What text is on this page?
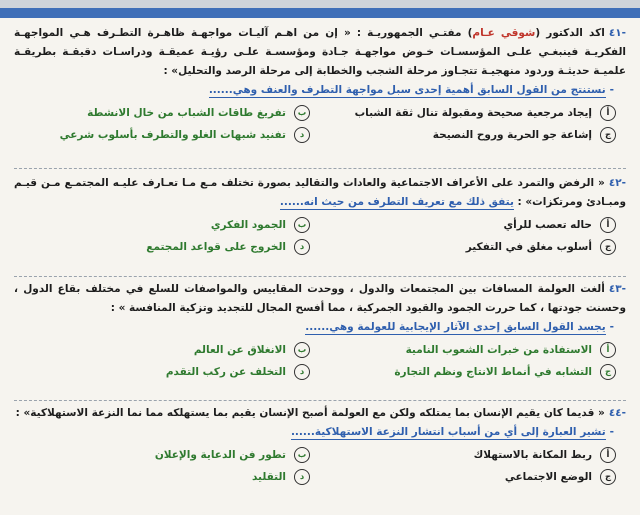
-٤١اكد الدكتور (شوقي عـام) مفتـي الجمهوريـة : « إن من اهـم آليـات مواجهـة ظاهـرة التطـرف هـي المواجهـة الفكريـة فينبغـي علـى المؤسسـات خـوض مواجهـة جـادة ومؤسسـة علـى رؤيـة عميقـة ودراسـات دقيقـة بطريقـة علميـة حديثـة وردود منهجيـة تتجـاوز مرحلة الشجب والخطابة إلى مرحلة الرصد والتحليل» :
-نستنتج من القول السابق أهمية إحدى سبل مواجهة التطرف والعنف وهي......
أ
إيجاد مرجعية صحيحة ومقبولة تنال ثقة الشباب
ب
تفريغ طاقات الشباب من خال الانشطة
ج
إشاعة جو الحرية وروح النصيحة
د
تفنيد شبهات الغلو والتطرف بأسلوب شرعي
-٤٢« الرفض والتمرد على الأعراف الاجتماعية والعادات والتقاليد بصورة تختلف مـع مـا تعـارف عليـه المجتمـع مـن قيـم ومبـادئ ومرتكزات» : يتفق ذلك مع تعريف التطرف من حيث انه......
أ
حاله تعصب للرأي
ب
الجمود الفكري
ج
أسلوب مغلق في التفكير
د
الخروج على قواعد المجتمع
-٤٣ألغت العولمة المسافات بين المجتمعات والدول ، ووحدت المقاييس والمواصفات للسلع في مختلف بقاع الدول ، وحسنت جودتها ، كما حررت الجمود والقيود الجمركية ، مما أفسح المجال للتجديد وتزكية المنافسة » :
-يجسد القول السابق إحدى الآثار الإيجابية للعولمة وهي......
أ
الاستفادة من خبرات الشعوب النامية
ب
الانغلاق عن العالم
ج
التشابه في أنماط الانتاج ونظم التجارة
د
التخلف عن ركب التقدم
-٤٤« قديما كان يقيم الإنسان بما يمتلكه ولكن مع العولمة أصبح الإنسان يقيم بما يستهلكه مما نما النزعة الاستهلاكية» :
-تشير العبارة إلى أي من أسباب انتشار النزعة الاستهلاكية......
أ
ربط المكانة بالاستهلاك
ب
تطور فن الدعاية والإعلان
ج
الوضع الاجتماعي
د
التقليد
